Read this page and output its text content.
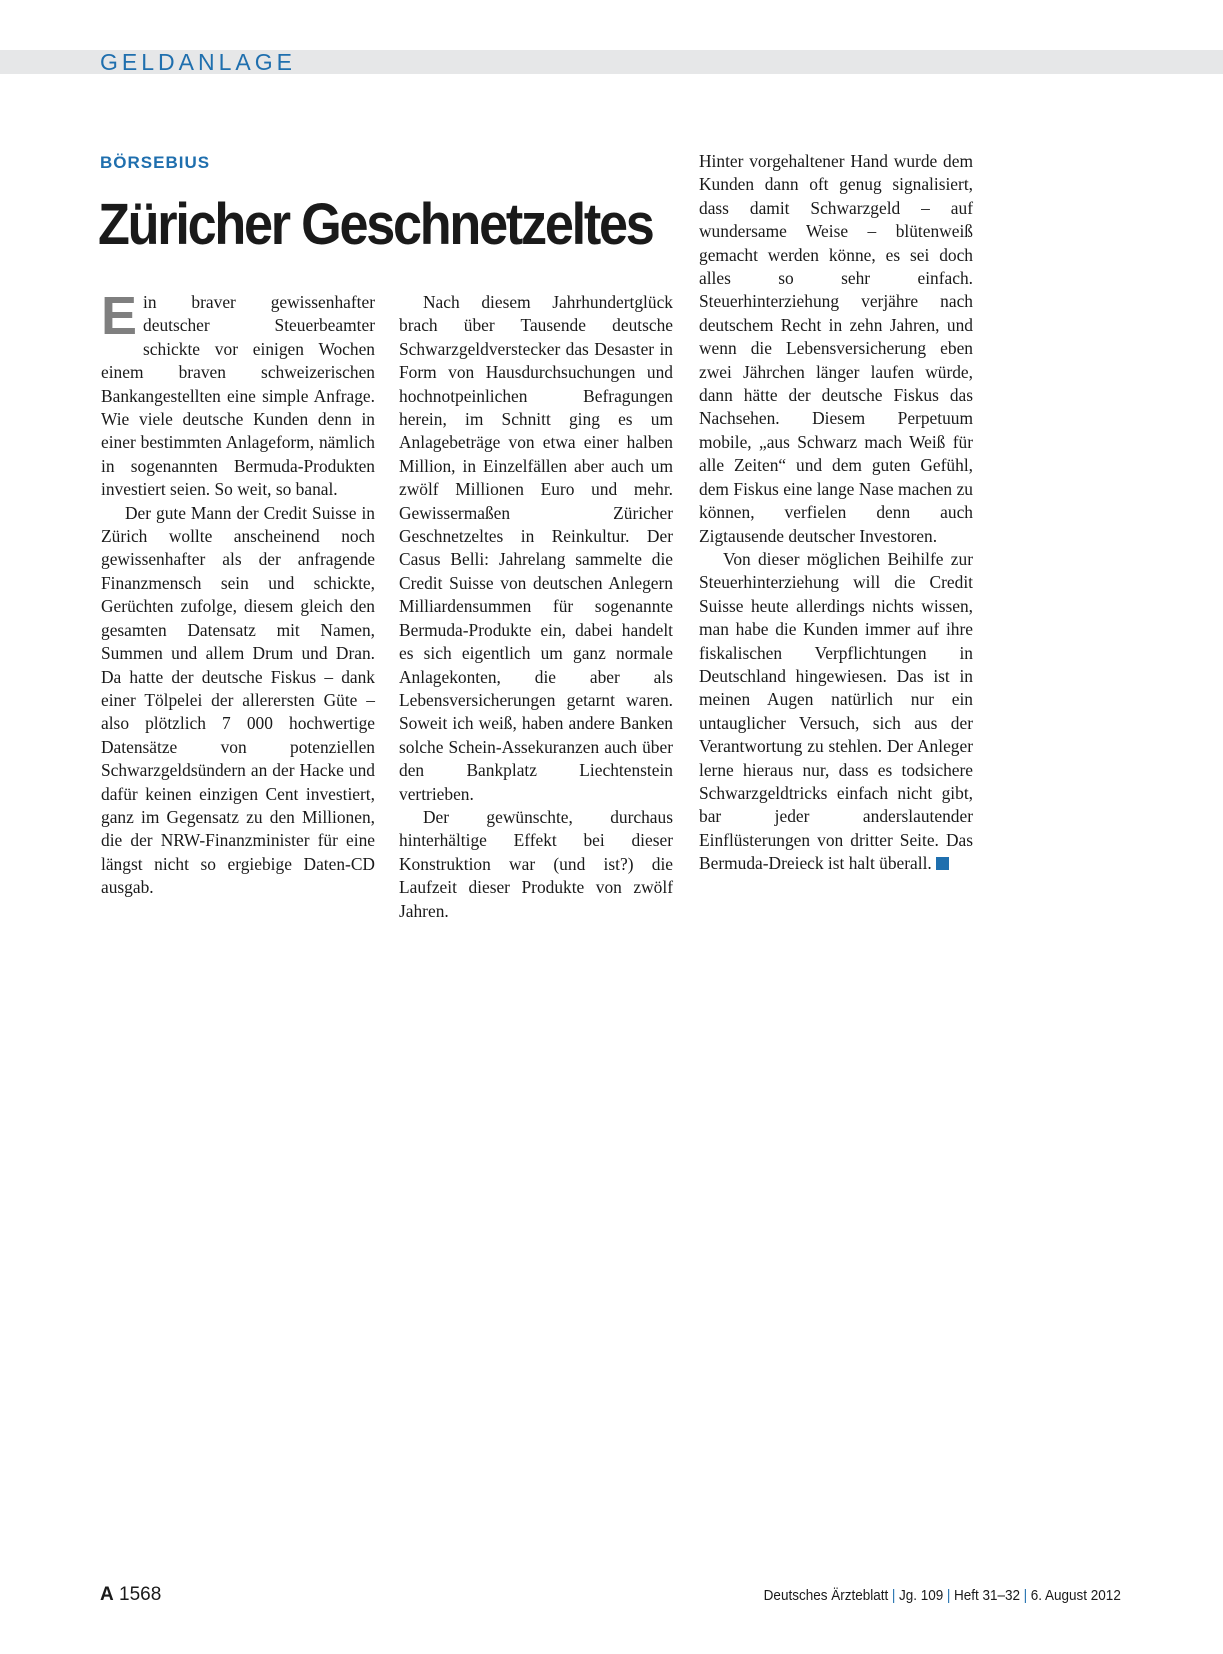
GELDANLAGE
BÖRSEBIUS
Züricher Geschnetzeltes

Ein braver gewissenhafter deutscher Steuerbeamter schickte vor einigen Wochen einem braven schweizerischen Bankangestellten eine simple Anfrage. Wie viele deutsche Kunden denn in einer bestimmten Anlageform, nämlich in sogenannten Bermuda-Produkten investiert seien. So weit, so banal.

Der gute Mann der Credit Suisse in Zürich wollte anscheinend noch gewissenhafter als der anfragende Finanzmensch sein und schickte, Gerüchten zufolge, diesem gleich den gesamten Datensatz mit Namen, Summen und allem Drum und Dran. Da hatte der deutsche Fiskus – dank einer Tölpelei der allerersten Güte – also plötzlich 7 000 hochwertige Datensätze von potenziellen Schwarzgeldsündern an der Hacke und dafür keinen einzigen Cent investiert, ganz im Gegensatz zu den Millionen, die der NRW-Finanzminister für eine längst nicht so ergiebige Daten-CD ausgab.

Nach diesem Jahrhundertglück brach über Tausende deutsche Schwarzgeldverstecker das Desaster in Form von Hausdurchsuchungen und hochnotpeinlichen Befragungen herein, im Schnitt ging es um Anlagebeträge von etwa einer halben Million, in Einzelfällen aber auch um zwölf Millionen Euro und mehr. Gewissermaßen Züricher Geschnetzeltes in Reinkultur. Der Casus Belli: Jahrelang sammelte die Credit Suisse von deutschen Anlegern Milliardensummen für sogenannte Bermuda-Produkte ein, dabei handelt es sich eigentlich um ganz normale Anlagekonten, die aber als Lebensversicherungen getarnt waren. Soweit ich weiß, haben andere Banken solche Schein-Assekuranzen auch über den Bankplatz Liechtenstein vertrieben.

Der gewünschte, durchaus hinterhältige Effekt bei dieser Konstruktion war (und ist?) die Laufzeit dieser Produkte von zwölf Jahren.

Hinter vorgehaltener Hand wurde dem Kunden dann oft genug signalisiert, dass damit Schwarzgeld – auf wundersame Weise – blütenweiß gemacht werden könne, es sei doch alles so sehr einfach. Steuerhinterziehung verjähre nach deutschem Recht in zehn Jahren, und wenn die Lebensversicherung eben zwei Jährchen länger laufen würde, dann hätte der deutsche Fiskus das Nachsehen. Diesem Perpetuum mobile, „aus Schwarz mach Weiß für alle Zeiten“ und dem guten Gefühl, dem Fiskus eine lange Nase machen zu können, verfielen denn auch Zigtausende deutscher Investoren.

Von dieser möglichen Beihilfe zur Steuerhinterziehung will die Credit Suisse heute allerdings nichts wissen, man habe die Kunden immer auf ihre fiskalischen Verpflichtungen in Deutschland hingewiesen. Das ist in meinen Augen natürlich nur ein untauglicher Versuch, sich aus der Verantwortung zu stehlen. Der Anleger lerne hieraus nur, dass es todsichere Schwarzgeldtricks einfach nicht gibt, bar jeder anderslautender Einflüsterungen von dritter Seite. Das Bermuda-Dreieck ist halt überall.

A 1568	Deutsches Ärzteblatt | Jg. 109 | Heft 31–32 | 6. August 2012
